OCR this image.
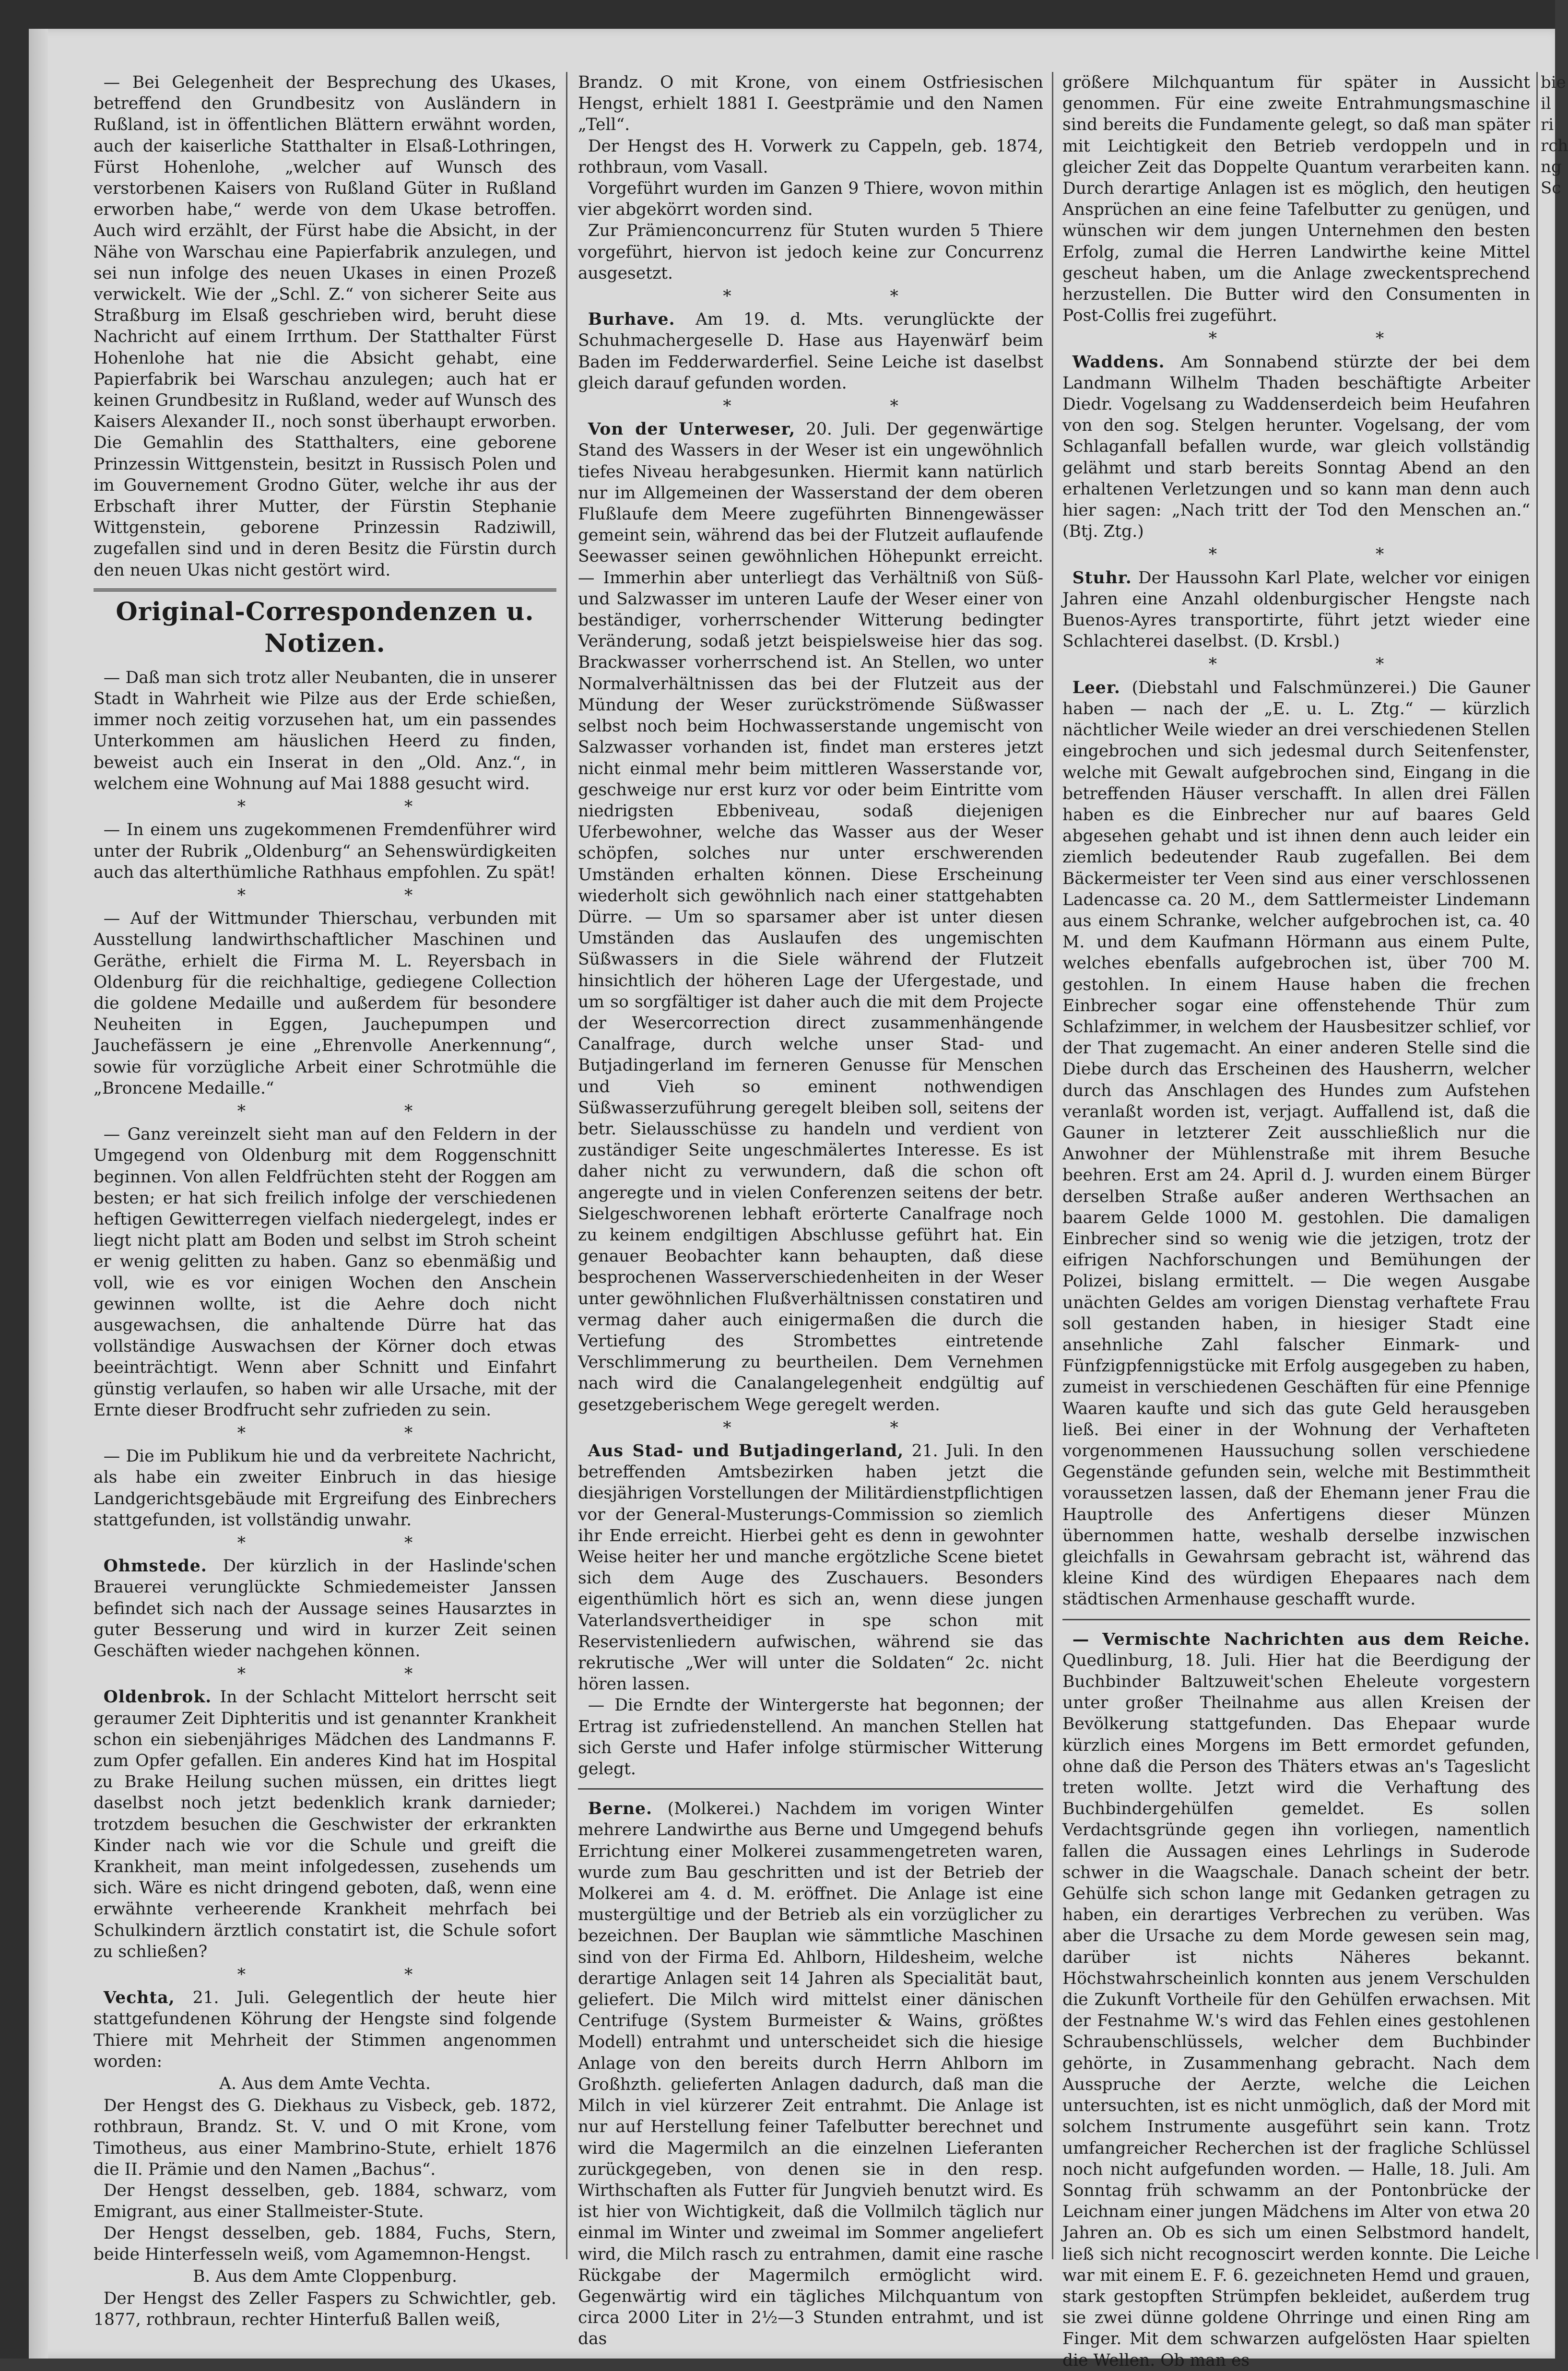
— Bei Gelegenheit der Besprechung des Ukases, betreffend den Grundbesitz von Ausländern in Rußland, ist in öffentlichen Blättern erwähnt worden, auch der kaiserliche Statthalter in Elsaß-Lothringen, Fürst Hohenlohe, „welcher auf Wunsch des verstorbenen Kaisers von Rußland Güter in Rußland erworben habe,“ werde von dem Ukase betroffen. Auch wird erzählt, der Fürst habe die Absicht, in der Nähe von Warschau eine Papierfabrik anzulegen, und sei nun infolge des neuen Ukases in einen Prozeß verwickelt. Wie der „Schl. Z.“ von sicherer Seite aus Straßburg im Elsaß geschrieben wird, beruht diese Nachricht auf einem Irrthum. Der Statthalter Fürst Hohenlohe hat nie die Absicht gehabt, eine Papierfabrik bei Warschau anzulegen; auch hat er keinen Grundbesitz in Rußland, weder auf Wunsch des Kaisers Alexander II., noch sonst überhaupt erworben. Die Gemahlin des Statthalters, eine geborene Prinzessin Wittgenstein, besitzt in Russisch Polen und im Gouvernement Grodno Güter, welche ihr aus der Erbschaft ihrer Mutter, der Fürstin Stephanie Wittgenstein, geborene Prinzessin Radziwill, zugefallen sind und in deren Besitz die Fürstin durch den neuen Ukas nicht gestört wird.

Original-Correspondenzen u. Notizen.

— Daß man sich trotz aller Neubanten, die in unserer Stadt in Wahrheit wie Pilze aus der Erde schießen, immer noch zeitig vorzusehen hat, um ein passendes Unterkommen am häuslichen Heerd zu finden, beweist auch ein Inserat in den „Old. Anz.“, in welchem eine Wohnung auf Mai 1888 gesucht wird.

* *

— In einem uns zugekommenen Fremdenführer wird unter der Rubrik „Oldenburg“ an Sehenswürdigkeiten auch das alterthümliche Rathhaus empfohlen. Zu spät!

* *

— Auf der Wittmunder Thierschau, verbunden mit Ausstellung landwirthschaftlicher Maschinen und Geräthe, erhielt die Firma M. L. Reyersbach in Oldenburg für die reichhaltige, gediegene Collection die goldene Medaille und außerdem für besondere Neuheiten in Eggen, Jauchepumpen und Jauchefässern je eine „Ehrenvolle Anerkennung“, sowie für vorzügliche Arbeit einer Schrotmühle die „Broncene Medaille.“

* *

— Ganz vereinzelt sieht man auf den Feldern in der Umgegend von Oldenburg mit dem Roggenschnitt beginnen. Von allen Feldfrüchten steht der Roggen am besten; er hat sich freilich infolge der verschiedenen heftigen Gewitterregen vielfach niedergelegt, indes er liegt nicht platt am Boden und selbst im Stroh scheint er wenig gelitten zu haben. Ganz so ebenmäßig und voll, wie es vor einigen Wochen den Anschein gewinnen wollte, ist die Aehre doch nicht ausgewachsen, die anhaltende Dürre hat das vollständige Auswachsen der Körner doch etwas beeinträchtigt. Wenn aber Schnitt und Einfahrt günstig verlaufen, so haben wir alle Ursache, mit der Ernte dieser Brodfrucht sehr zufrieden zu sein.

* *

— Die im Publikum hie und da verbreitete Nachricht, als habe ein zweiter Einbruch in das hiesige Landgerichtsgebäude mit Ergreifung des Einbrechers stattgefunden, ist vollständig unwahr.

* *

Ohmstede. Der kürzlich in der Haslinde'schen Brauerei verunglückte Schmiedemeister Janssen befindet sich nach der Aussage seines Hausarztes in guter Besserung und wird in kurzer Zeit seinen Geschäften wieder nachgehen können.

* *

Oldenbrok. In der Schlacht Mittelort herrscht seit geraumer Zeit Diphteritis und ist genannter Krankheit schon ein siebenjähriges Mädchen des Landmanns F. zum Opfer gefallen. Ein anderes Kind hat im Hospital zu Brake Heilung suchen müssen, ein drittes liegt daselbst noch jetzt bedenklich krank darnieder; trotzdem besuchen die Geschwister der erkrankten Kinder nach wie vor die Schule und greift die Krankheit, man meint infolgedessen, zusehends um sich. Wäre es nicht dringend geboten, daß, wenn eine erwähnte verheerende Krankheit mehrfach bei Schulkindern ärztlich constatirt ist, die Schule sofort zu schließen?

* *

Vechta, 21. Juli. Gelegentlich der heute hier stattgefundenen Köhrung der Hengste sind folgende Thiere mit Mehrheit der Stimmen angenommen worden:

A. Aus dem Amte Vechta.

Der Hengst des G. Diekhaus zu Visbeck, geb. 1872, rothbraun, Brandz. St. V. und O mit Krone, vom Timotheus, aus einer Mambrino-Stute, erhielt 1876 die II. Prämie und den Namen „Bachus“.

Der Hengst desselben, geb. 1884, schwarz, vom Emigrant, aus einer Stallmeister-Stute.

Der Hengst desselben, geb. 1884, Fuchs, Stern, beide Hinterfesseln weiß, vom Agamemnon-Hengst.

B. Aus dem Amte Cloppenburg.

Der Hengst des Zeller Faspers zu Schwichtler, geb. 1877, rothbraun, rechter Hinterfuß Ballen weiß,

Brandz. O mit Krone, von einem Ostfriesischen Hengst, erhielt 1881 I. Geestprämie und den Namen „Tell“.

Der Hengst des H. Vorwerk zu Cappeln, geb. 1874, rothbraun, vom Vasall.

Vorgeführt wurden im Ganzen 9 Thiere, wovon mithin vier abgekörrt worden sind.

Zur Prämienconcurrenz für Stuten wurden 5 Thiere vorgeführt, hiervon ist jedoch keine zur Concurrenz ausgesetzt.

* *

Burhave. Am 19. d. Mts. verunglückte der Schuhmachergeselle D. Hase aus Hayenwärf beim Baden im Fedderwarderfiel. Seine Leiche ist daselbst gleich darauf gefunden worden.

* *

Von der Unterweser, 20. Juli. Der gegenwärtige Stand des Wassers in der Weser ist ein ungewöhnlich tiefes Niveau herabgesunken. Hiermit kann natürlich nur im Allgemeinen der Wasserstand der dem oberen Flußlaufe dem Meere zugeführten Binnengewässer gemeint sein, während das bei der Flutzeit auflaufende Seewasser seinen gewöhnlichen Höhepunkt erreicht. — Immerhin aber unterliegt das Verhältniß von Süß- und Salzwasser im unteren Laufe der Weser einer von beständiger, vorherrschender Witterung bedingter Veränderung, sodaß jetzt beispielsweise hier das sog. Brackwasser vorherrschend ist. An Stellen, wo unter Normalverhältnissen das bei der Flutzeit aus der Mündung der Weser zurückströmende Süßwasser selbst noch beim Hochwasserstande ungemischt von Salzwasser vorhanden ist, findet man ersteres jetzt nicht einmal mehr beim mittleren Wasserstande vor, geschweige nur erst kurz vor oder beim Eintritte vom niedrigsten Ebbeniveau, sodaß diejenigen Uferbewohner, welche das Wasser aus der Weser schöpfen, solches nur unter erschwerenden Umständen erhalten können. Diese Erscheinung wiederholt sich gewöhnlich nach einer stattgehabten Dürre. — Um so sparsamer aber ist unter diesen Umständen das Auslaufen des ungemischten Süßwassers in die Siele während der Flutzeit hinsichtlich der höheren Lage der Ufergestade, und um so sorgfältiger ist daher auch die mit dem Projecte der Wesercorrection direct zusammenhängende Canalfrage, durch welche unser Stad- und Butjadingerland im ferneren Genusse für Menschen und Vieh so eminent nothwendigen Süßwasserzuführung geregelt bleiben soll, seitens der betr. Sielausschüsse zu handeln und verdient von zuständiger Seite ungeschmälertes Interesse. Es ist daher nicht zu verwundern, daß die schon oft angeregte und in vielen Conferenzen seitens der betr. Sielgeschworenen lebhaft erörterte Canalfrage noch zu keinem endgiltigen Abschlusse geführt hat. Ein genauer Beobachter kann behaupten, daß diese besprochenen Wasserverschiedenheiten in der Weser unter gewöhnlichen Flußverhältnissen constatiren und vermag daher auch einigermaßen die durch die Vertiefung des Strombettes eintretende Verschlimmerung zu beurtheilen. Dem Vernehmen nach wird die Canalangelegenheit endgültig auf gesetzgeberischem Wege geregelt werden.

* *

Aus Stad- und Butjadingerland, 21. Juli. In den betreffenden Amtsbezirken haben jetzt die diesjährigen Vorstellungen der Militärdienstpflichtigen vor der General-Musterungs-Commission so ziemlich ihr Ende erreicht. Hierbei geht es denn in gewohnter Weise heiter her und manche ergötzliche Scene bietet sich dem Auge des Zuschauers. Besonders eigenthümlich hört es sich an, wenn diese jungen Vaterlandsvertheidiger in spe schon mit Reservistenliedern aufwischen, während sie das rekrutische „Wer will unter die Soldaten“ 2c. nicht hören lassen.

— Die Erndte der Wintergerste hat begonnen; der Ertrag ist zufriedenstellend. An manchen Stellen hat sich Gerste und Hafer infolge stürmischer Witterung gelegt.

Berne. (Molkerei.) Nachdem im vorigen Winter mehrere Landwirthe aus Berne und Umgegend behufs Errichtung einer Molkerei zusammengetreten waren, wurde zum Bau geschritten und ist der Betrieb der Molkerei am 4. d. M. eröffnet. Die Anlage ist eine mustergültige und der Betrieb als ein vorzüglicher zu bezeichnen. Der Bauplan wie sämmtliche Maschinen sind von der Firma Ed. Ahlborn, Hildesheim, welche derartige Anlagen seit 14 Jahren als Specialität baut, geliefert. Die Milch wird mittelst einer dänischen Centrifuge (System Burmeister & Wains, größtes Modell) entrahmt und unterscheidet sich die hiesige Anlage von den bereits durch Herrn Ahlborn im Großhzth. gelieferten Anlagen dadurch, daß man die Milch in viel kürzerer Zeit entrahmt. Die Anlage ist nur auf Herstellung feiner Tafelbutter berechnet und wird die Magermilch an die einzelnen Lieferanten zurückgegeben, von denen sie in den resp. Wirthschaften als Futter für Jungvieh benutzt wird. Es ist hier von Wichtigkeit, daß die Vollmilch täglich nur einmal im Winter und zweimal im Sommer angeliefert wird, die Milch rasch zu entrahmen, damit eine rasche Rückgabe der Magermilch ermöglicht wird. Gegenwärtig wird ein tägliches Milchquantum von circa 2000 Liter in 2½—3 Stunden entrahmt, und ist das

größere Milchquantum für später in Aussicht genommen. Für eine zweite Entrahmungsmaschine sind bereits die Fundamente gelegt, so daß man später mit Leichtigkeit den Betrieb verdoppeln und in gleicher Zeit das Doppelte Quantum verarbeiten kann. Durch derartige Anlagen ist es möglich, den heutigen Ansprüchen an eine feine Tafelbutter zu genügen, und wünschen wir dem jungen Unternehmen den besten Erfolg, zumal die Herren Landwirthe keine Mittel gescheut haben, um die Anlage zweckentsprechend herzustellen. Die Butter wird den Consumenten in Post-Collis frei zugeführt.

* *

Waddens. Am Sonnabend stürzte der bei dem Landmann Wilhelm Thaden beschäftigte Arbeiter Diedr. Vogelsang zu Waddenserdeich beim Heufahren von den sog. Stelgen herunter. Vogelsang, der vom Schlaganfall befallen wurde, war gleich vollständig gelähmt und starb bereits Sonntag Abend an den erhaltenen Verletzungen und so kann man denn auch hier sagen: „Nach tritt der Tod den Menschen an.“ (Btj. Ztg.)

* *

Stuhr. Der Haussohn Karl Plate, welcher vor einigen Jahren eine Anzahl oldenburgischer Hengste nach Buenos-Ayres transportirte, führt jetzt wieder eine Schlachterei daselbst. (D. Krsbl.)

* *

Leer. (Diebstahl und Falschmünzerei.) Die Gauner haben — nach der „E. u. L. Ztg.“ — kürzlich nächtlicher Weile wieder an drei verschiedenen Stellen eingebrochen und sich jedesmal durch Seitenfenster, welche mit Gewalt aufgebrochen sind, Eingang in die betreffenden Häuser verschafft. In allen drei Fällen haben es die Einbrecher nur auf baares Geld abgesehen gehabt und ist ihnen denn auch leider ein ziemlich bedeutender Raub zugefallen. Bei dem Bäckermeister ter Veen sind aus einer verschlossenen Ladencasse ca. 20 M., dem Sattlermeister Lindemann aus einem Schranke, welcher aufgebrochen ist, ca. 40 M. und dem Kaufmann Hörmann aus einem Pulte, welches ebenfalls aufgebrochen ist, über 700 M. gestohlen. In einem Hause haben die frechen Einbrecher sogar eine offenstehende Thür zum Schlafzimmer, in welchem der Hausbesitzer schlief, vor der That zugemacht. An einer anderen Stelle sind die Diebe durch das Erscheinen des Hausherrn, welcher durch das Anschlagen des Hundes zum Aufstehen veranlaßt worden ist, verjagt. Auffallend ist, daß die Gauner in letzterer Zeit ausschließlich nur die Anwohner der Mühlenstraße mit ihrem Besuche beehren. Erst am 24. April d. J. wurden einem Bürger derselben Straße außer anderen Werthsachen an baarem Gelde 1000 M. gestohlen. Die damaligen Einbrecher sind so wenig wie die jetzigen, trotz der eifrigen Nachforschungen und Bemühungen der Polizei, bislang ermittelt. — Die wegen Ausgabe unächten Geldes am vorigen Dienstag verhaftete Frau soll gestanden haben, in hiesiger Stadt eine ansehnliche Zahl falscher Einmark- und Fünfzigpfennigstücke mit Erfolg ausgegeben zu haben, zumeist in verschiedenen Geschäften für eine Pfennige Waaren kaufte und sich das gute Geld herausgeben ließ. Bei einer in der Wohnung der Verhafteten vorgenommenen Haussuchung sollen verschiedene Gegenstände gefunden sein, welche mit Bestimmtheit voraussetzen lassen, daß der Ehemann jener Frau die Hauptrolle des Anfertigens dieser Münzen übernommen hatte, weshalb derselbe inzwischen gleichfalls in Gewahrsam gebracht ist, während das kleine Kind des würdigen Ehepaares nach dem städtischen Armenhause geschafft wurde.

— Vermischte Nachrichten aus dem Reiche. Quedlinburg, 18. Juli. Hier hat die Beerdigung der Buchbinder Baltzuweit'schen Eheleute vorgestern unter großer Theilnahme aus allen Kreisen der Bevölkerung stattgefunden. Das Ehepaar wurde kürzlich eines Morgens im Bett ermordet gefunden, ohne daß die Person des Thäters etwas an's Tageslicht treten wollte. Jetzt wird die Verhaftung des Buchbindergehülfen gemeldet. Es sollen Verdachtsgründe gegen ihn vorliegen, namentlich fallen die Aussagen eines Lehrlings in Suderode schwer in die Waagschale. Danach scheint der betr. Gehülfe sich schon lange mit Gedanken getragen zu haben, ein derartiges Verbrechen zu verüben. Was aber die Ursache zu dem Morde gewesen sein mag, darüber ist nichts Näheres bekannt. Höchstwahrscheinlich konnten aus jenem Verschulden die Zukunft Vortheile für den Gehülfen erwachsen. Mit der Festnahme W.'s wird das Fehlen eines gestohlenen Schraubenschlüssels, welcher dem Buchbinder gehörte, in Zusammenhang gebracht. Nach dem Ausspruche der Aerzte, welche die Leichen untersuchten, ist es nicht unmöglich, daß der Mord mit solchem Instrumente ausgeführt sein kann. Trotz umfangreicher Recherchen ist der fragliche Schlüssel noch nicht aufgefunden worden. — Halle, 18. Juli. Am Sonntag früh schwamm an der Pontonbrücke der Leichnam einer jungen Mädchens im Alter von etwa 20 Jahren an. Ob es sich um einen Selbstmord handelt, ließ sich nicht recognoscirt werden konnte. Die Leiche war mit einem E. F. 6. gezeichneten Hemd und grauen, stark gestopften Strümpfen bekleidet, außerdem trug sie zwei dünne goldene Ohrringe und einen Ring am Finger. Mit dem schwarzen aufgelösten Haar spielten die Wellen. Ob man es

bie il ri rch ng Sc
